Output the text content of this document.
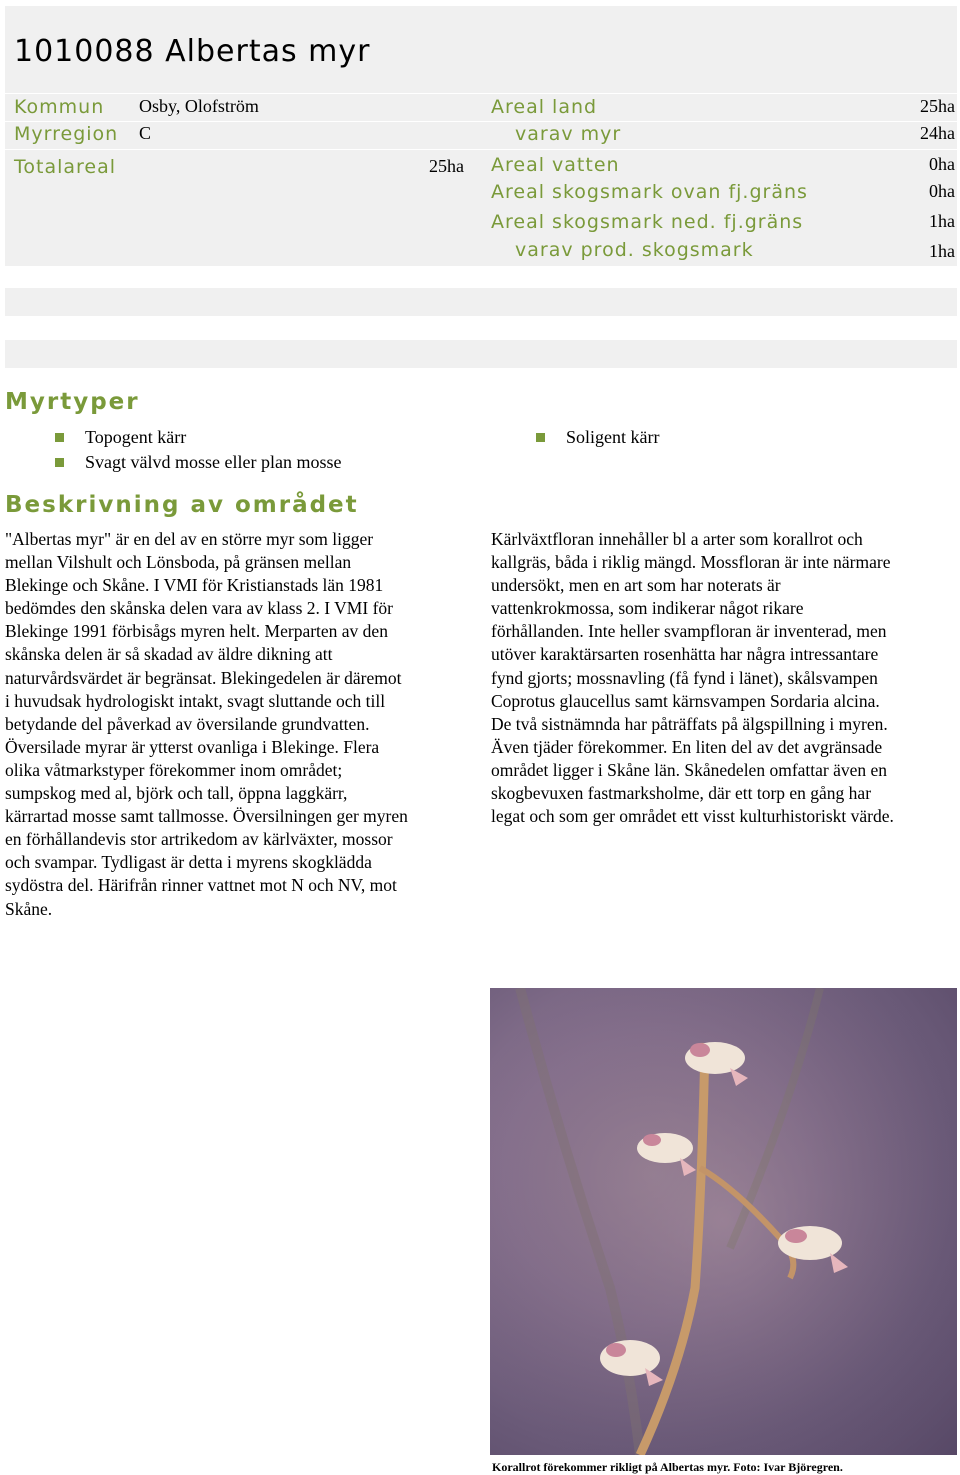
1010088 Albertas myr
Kommun Osby, Olofström
Myrregion C
Totalareal	25ha
Areal land	25ha
varav myr	24ha
Areal vatten	0ha
Areal skogsmark ovan fj.gräns	0ha
Areal skogsmark ned. fj.gräns	1ha
varav prod. skogsmark	1ha
Myrtyper
Topogent kärr
Svagt välvd mosse eller plan mosse
Soligent kärr
Beskrivning av området

"Albertas myr" är en del av en större myr som ligger
mellan Vilshult och Lönsboda, på gränsen mellan
Blekinge och Skåne. I VMI för Kristianstads län 1981
bedömdes den skånska delen vara av klass 2. I VMI för
Blekinge 1991 förbisågs myren helt. Merparten av den
skånska delen är så skadad av äldre dikning att
naturvårdsvärdet är begränsat. Blekingedelen är däremot
i huvudsak hydrologiskt intakt, svagt sluttande och till
betydande del påverkad av översilande grundvatten.
Översilade myrar är ytterst ovanliga i Blekinge. Flera
olika våtmarkstyper förekommer inom området;
sumpskog med al, björk och tall, öppna laggkärr,
kärrartad mosse samt tallmosse. Översilningen ger myren
en förhållandevis stor artrikedom av kärlväxter, mossor
och svampar. Tydligast är detta i myrens skogklädda
sydöstra del. Härifrån rinner vattnet mot N och NV, mot
Skåne.

Kärlväxtfloran innehåller bl a arter som korallrot och
kallgräs, båda i riklig mängd. Mossfloran är inte närmare
undersökt, men en art som har noterats är
vattenkrokmossa, som indikerar något rikare
förhållanden. Inte heller svampfloran är inventerad, men
utöver karaktärsarten rosenhätta har några intressantare
fynd gjorts; mossnavling (få fynd i länet), skålsvampen
Coprotus glaucellus samt kärnsvampen Sordaria alcina.
De två sistnämnda har påträffats på älgspillning i myren.
Även tjäder förekommer. En liten del av det avgränsade
området ligger i Skåne län. Skånedelen omfattar även en
skogbevuxen fastmarksholme, där ett torp en gång har
legat och som ger området ett visst kulturhistoriskt värde.

Korallrot förekommer rikligt på Albertas myr. Foto: Ivar Björegren.
